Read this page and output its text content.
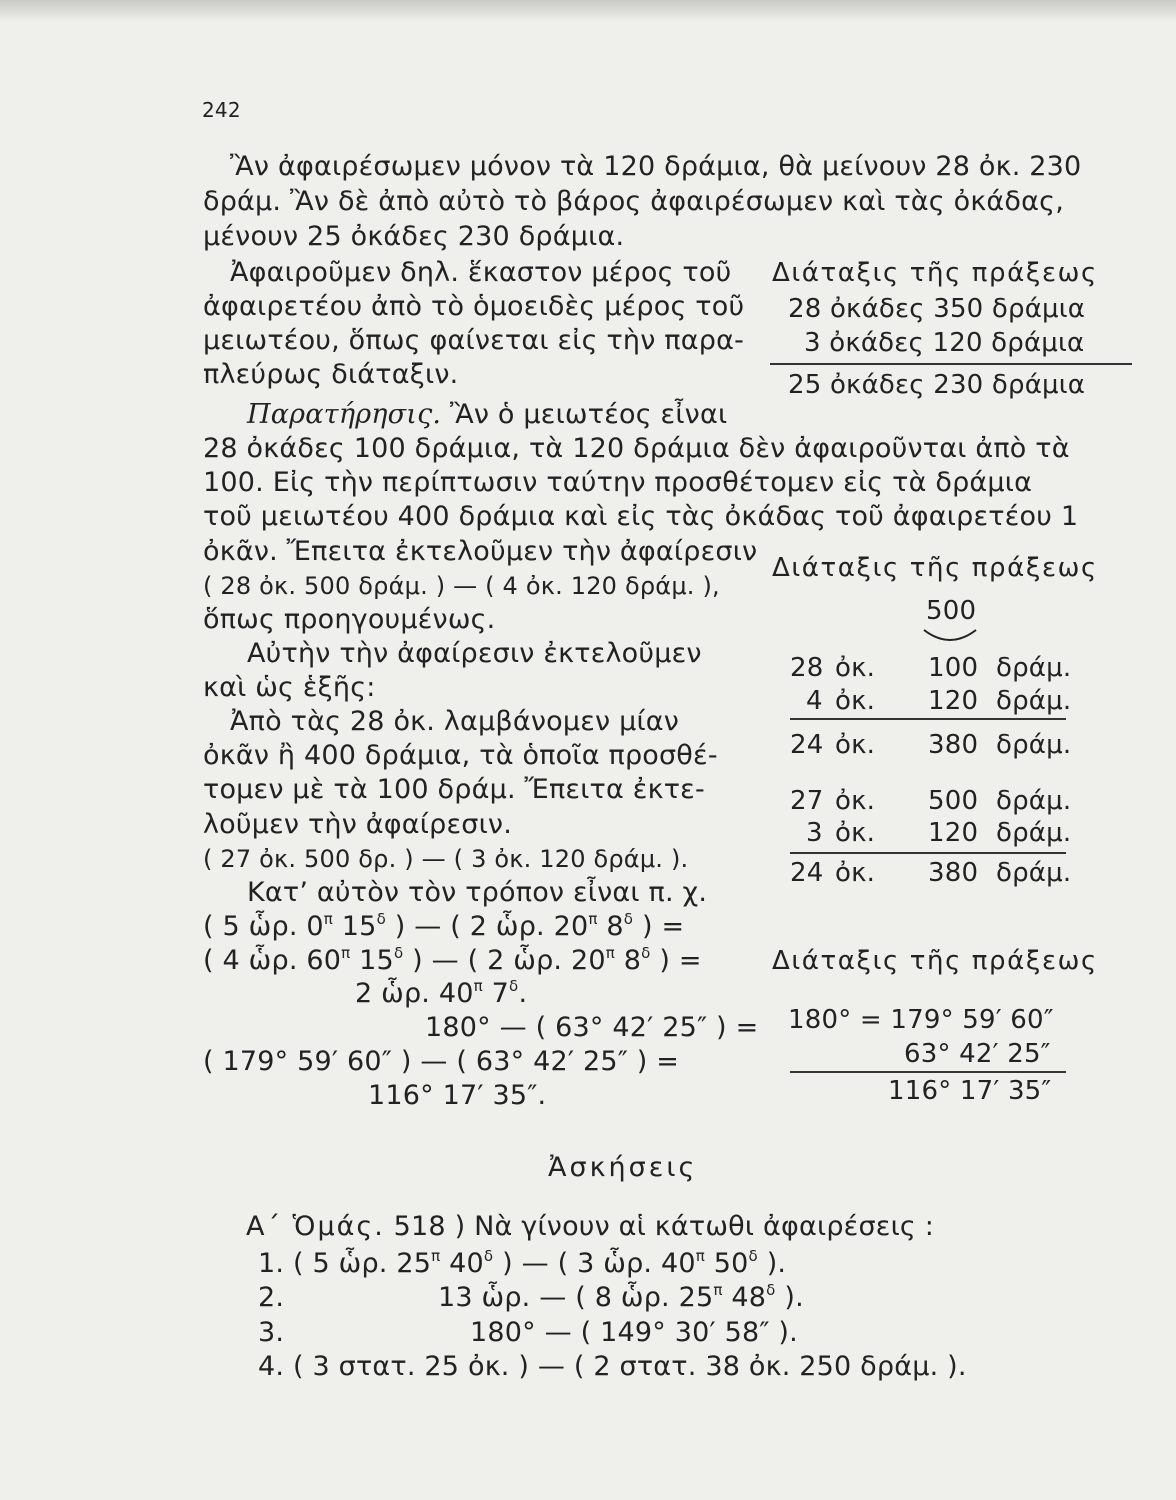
242
Ἂν ἀφαιρέσωμεν μόνον τὰ 120 δράμια, θὰ μείνουν 28 ὀκ. 230
δράμ. Ἂν δὲ ἀπὸ αὐτὸ τὸ βάρος ἀφαιρέσωμεν καὶ τὰς ὀκάδας,
μένουν 25 ὀκάδες 230 δράμια.
Ἀφαιροῦμεν δηλ. ἕκαστον μέρος τοῦ
ἀφαιρετέου ἀπὸ τὸ ὁμοειδὲς μέρος τοῦ
μειωτέου, ὅπως φαίνεται εἰς τὴν παρα-
πλεύρως διάταξιν.
Διάταξις τῆς πράξεως
28 ὀκάδες 350 δράμια
3 ὀκάδες 120 δράμια
25 ὀκάδες 230 δράμια
Παρατήρησις. Ἂν ὁ μειωτέος εἶναι
28 ὀκάδες 100 δράμια, τὰ 120 δράμια δὲν ἀφαιροῦνται ἀπὸ τὰ
100. Εἰς τὴν περίπτωσιν ταύτην προσθέτομεν εἰς τὰ δράμια
τοῦ μειωτέου 400 δράμια καὶ εἰς τὰς ὀκάδας τοῦ ἀφαιρετέου 1
ὀκᾶν. Ἔπειτα ἐκτελοῦμεν τὴν ἀφαίρεσιν
( 28 ὀκ. 500 δράμ. ) — ( 4 ὀκ. 120 δράμ. ),
ὅπως προηγουμένως.
Αὐτὴν τὴν ἀφαίρεσιν ἐκτελοῦμεν
καὶ ὡς ἑξῆς:
Ἀπὸ τὰς 28 ὀκ. λαμβάνομεν μίαν
ὀκᾶν ἢ 400 δράμια, τὰ ὁποῖα προσθέ-
τομεν μὲ τὰ 100 δράμ. Ἔπειτα ἐκτε-
λοῦμεν τὴν ἀφαίρεσιν.
( 27 ὀκ. 500 δρ. ) — ( 3 ὀκ. 120 δράμ. ).
Κατ’ αὐτὸν τὸν τρόπον εἶναι π. χ.
Διάταξις τῆς πράξεως
500
28 ὀκ. 100 δράμ.
4 ὀκ. 120 δράμ.
24 ὀκ. 380 δράμ.
27 ὀκ. 500 δράμ.
3 ὀκ. 120 δράμ.
24 ὀκ. 380 δράμ.
( 5 ὧρ. $0^\pi$ $15^\delta$ ) — ( 2 ὧρ. $20^\pi$ $8^\delta$ ) =
( 4 ὧρ. $60^\pi$ $15^\delta$ ) — ( 2 ὧρ. $20^\pi$ $8^\delta$ ) =
2 ὧρ. $40^\pi$ $7^\delta$.
180° — ( 63° 42′ 25″ ) =
( 179° 59′ 60″ ) — ( 63° 42′ 25″ ) =
116° 17′ 35″.
Διάταξις τῆς πράξεως
180° = 179° 59′ 60″
63° 42′ 25″
116° 17′ 35″
Ἀσκήσεις
Α΄ Ὁμάς. 518 ) Νὰ γίνουν αἱ κάτωθι ἀφαιρέσεις :
1. ( 5 ὧρ. $25^\pi$ $40^\delta$ ) — ( 3 ὧρ. $40^\pi$ $50^\delta$ ).
2.	13 ὧρ. — ( 8 ὧρ. $25^\pi$ $48^\delta$ ).
3.	180° — ( 149° 30′ 58″ ).
4. ( 3 στατ. 25 ὀκ. ) — ( 2 στατ. 38 ὀκ. 250 δράμ. ).
